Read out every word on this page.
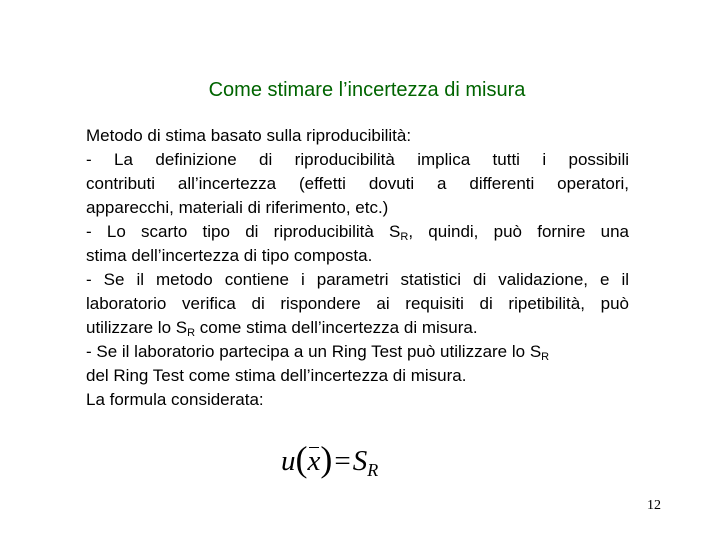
Come stimare l’incertezza di misura
Metodo di stima basato sulla riproducibilità:
- La definizione di riproducibilità implica tutti i possibili
contributi all’incertezza (effetti dovuti a differenti operatori,
apparecchi, materiali di riferimento, etc.)
- Lo scarto tipo di riproducibilità $S_R$, quindi, può fornire una
stima dell’incertezza di tipo composta.
- Se il metodo contiene i parametri statistici di validazione, e il
laboratorio verifica di rispondere ai requisiti di ripetibilità, può
utilizzare lo $S_R$ come stima dell’incertezza di misura.
- Se il laboratorio partecipa a un Ring Test può utilizzare lo $S_R$
del Ring Test come stima dell’incertezza di misura.
La formula considerata:
$u(x)=S_R$
12
